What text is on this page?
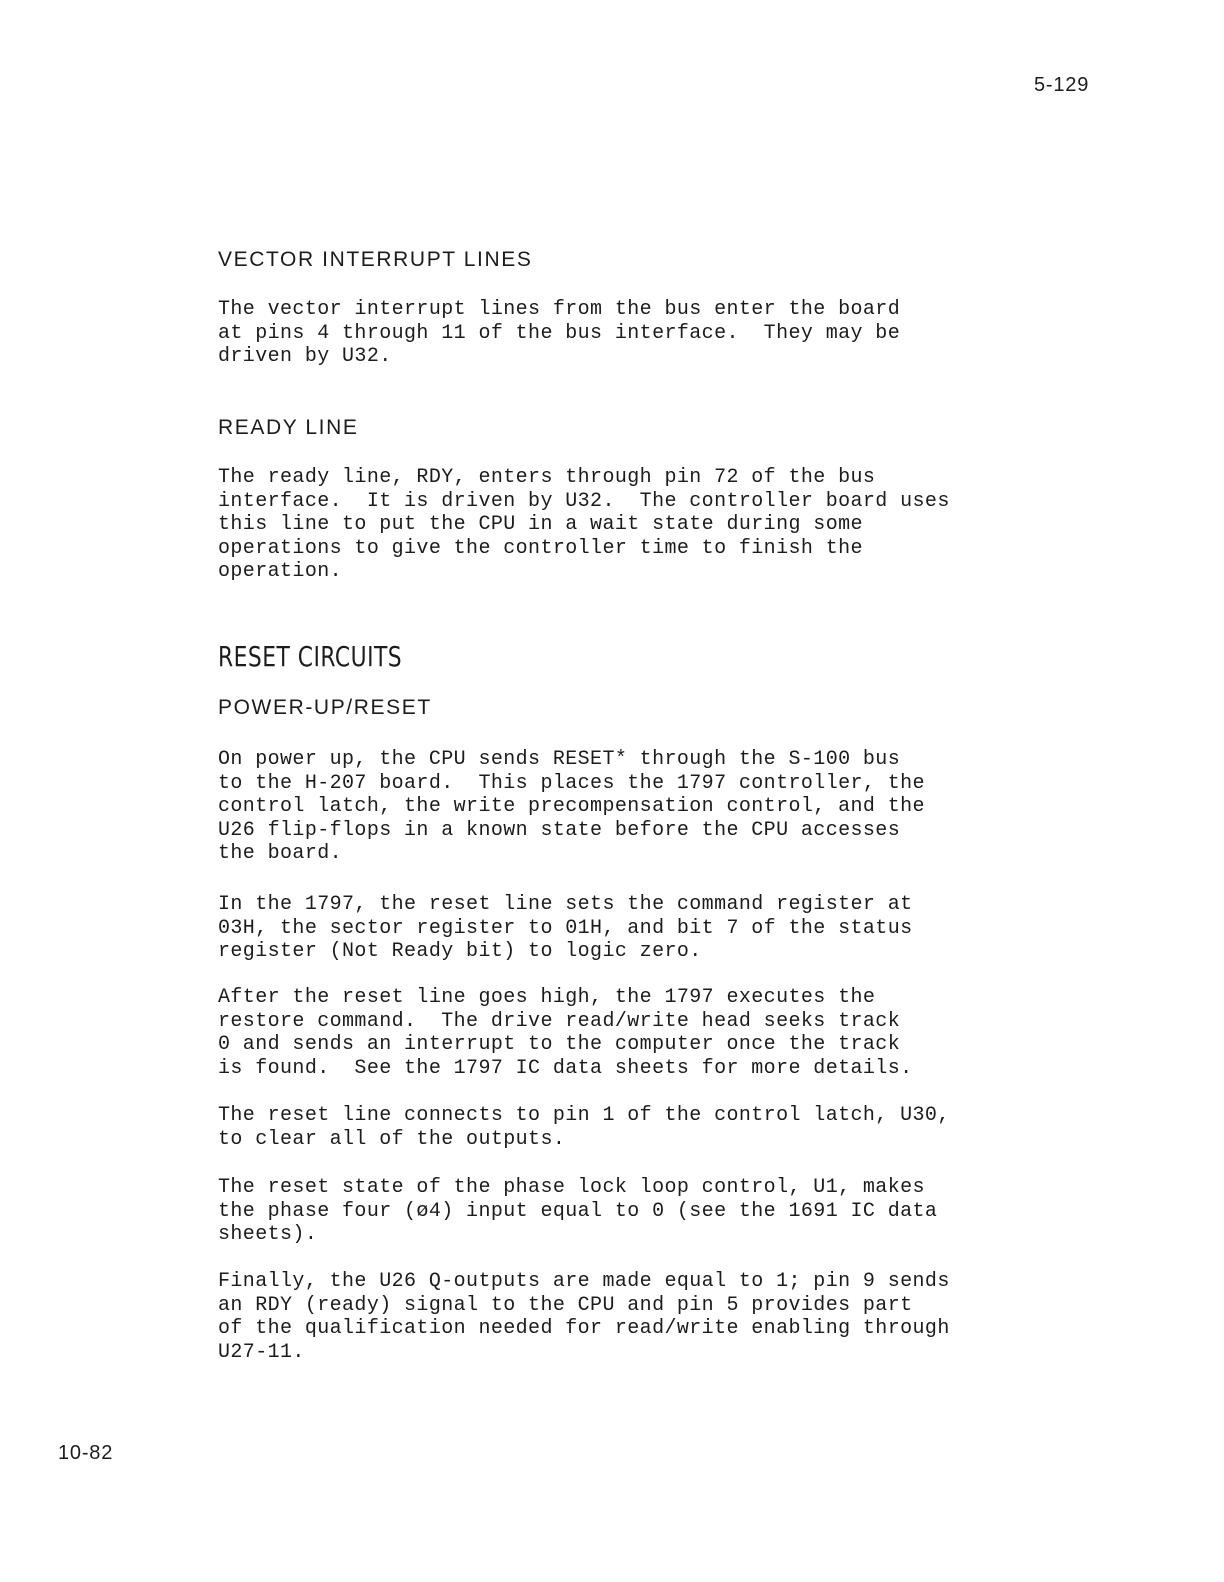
5-129
VECTOR INTERRUPT LINES

The vector interrupt lines from the bus enter the board
at pins 4 through 11 of the bus interface.  They may be
driven by U32.

READY LINE

The ready line, RDY, enters through pin 72 of the bus
interface.  It is driven by U32.  The controller board uses
this line to put the CPU in a wait state during some
operations to give the controller time to finish the
operation.

RESET CIRCUITS
POWER-UP/RESET

On power up, the CPU sends RESET* through the S-100 bus
to the H-207 board.  This places the 1797 controller, the
control latch, the write precompensation control, and the
U26 flip-flops in a known state before the CPU accesses
the board.

In the 1797, the reset line sets the command register at
03H, the sector register to 01H, and bit 7 of the status
register (Not Ready bit) to logic zero.

After the reset line goes high, the 1797 executes the
restore command.  The drive read/write head seeks track
0 and sends an interrupt to the computer once the track
is found.  See the 1797 IC data sheets for more details.

The reset line connects to pin 1 of the control latch, U30,
to clear all of the outputs.

The reset state of the phase lock loop control, U1, makes
the phase four (ø4) input equal to 0 (see the 1691 IC data
sheets).

Finally, the U26 Q-outputs are made equal to 1; pin 9 sends
an RDY (ready) signal to the CPU and pin 5 provides part
of the qualification needed for read/write enabling through
U27-11.

10-82
